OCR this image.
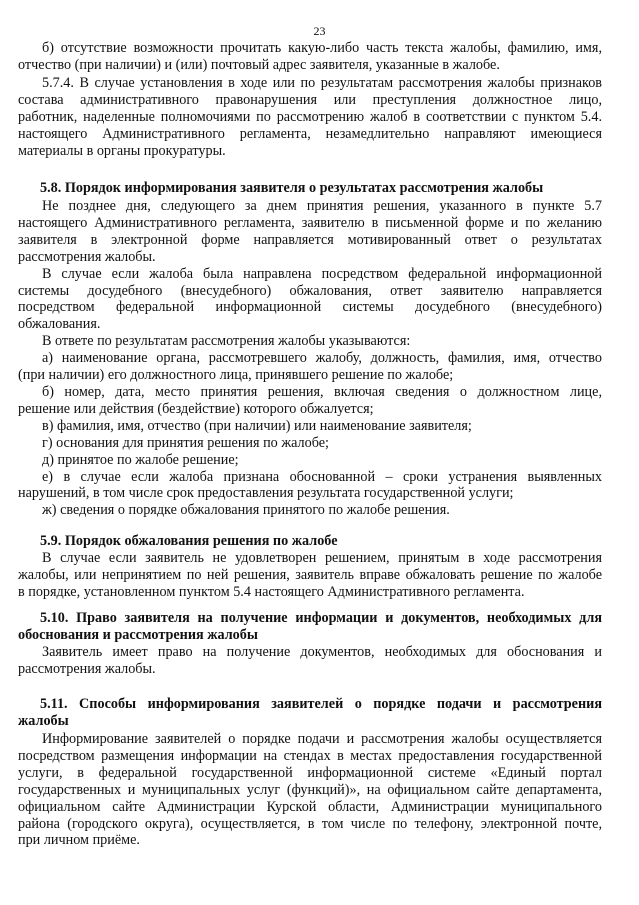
23
б) отсутствие возможности прочитать какую-либо часть текста жалобы, фамилию, имя,
отчество (при наличии) и (или) почтовый адрес заявителя, указанные в жалобе.
5.7.4. В случае установления в ходе или по результатам рассмотрения жалобы признаков
состава административного правонарушения или преступления должностное лицо,
работник, наделенные полномочиями по рассмотрению жалоб в соответствии с пунктом 5.4.
настоящего Административного регламента, незамедлительно направляют имеющиеся
материалы в органы прокуратуры.
5.8. Порядок информирования заявителя о результатах рассмотрения жалобы
Не позднее дня, следующего за днем принятия решения, указанного в пункте 5.7
настоящего Административного регламента, заявителю в письменной форме и по желанию
заявителя в электронной форме направляется мотивированный ответ о результатах
рассмотрения жалобы.
В случае если жалоба была направлена посредством федеральной информационной
системы досудебного (внесудебного) обжалования, ответ заявителю направляется
посредством федеральной информационной системы досудебного (внесудебного)
обжалования.
В ответе по результатам рассмотрения жалобы указываются:
а) наименование органа, рассмотревшего жалобу, должность, фамилия, имя, отчество
(при наличии) его должностного лица, принявшего решение по жалобе;
б) номер, дата, место принятия решения, включая сведения о должностном лице,
решение или действия (бездействие) которого обжалуется;
в) фамилия, имя, отчество (при наличии) или наименование заявителя;
г) основания для принятия решения по жалобе;
д) принятое по жалобе решение;
е) в случае если жалоба признана обоснованной – сроки устранения выявленных
нарушений, в том числе срок предоставления результата государственной услуги;
ж) сведения о порядке обжалования принятого по жалобе решения.
5.9. Порядок обжалования решения по жалобе
В случае если заявитель не удовлетворен решением, принятым в ходе рассмотрения
жалобы, или непринятием по ней решения, заявитель вправе обжаловать решение по жалобе
в порядке, установленном пунктом 5.4 настоящего Административного регламента.
5.10. Право заявителя на получение информации и документов, необходимых для
обоснования и рассмотрения жалобы
Заявитель имеет право на получение документов, необходимых для обоснования и
рассмотрения жалобы.
5.11. Способы информирования заявителей о порядке подачи и рассмотрения
жалобы
Информирование заявителей о порядке подачи и рассмотрения жалобы осуществляется
посредством размещения информации на стендах в местах предоставления государственной
услуги, в федеральной государственной информационной системе «Единый портал
государственных и муниципальных услуг (функций)», на официальном сайте департамента,
официальном сайте Администрации Курской области, Администрации муниципального
района (городского округа), осуществляется, в том числе по телефону, электронной почте,
при личном приёме.
